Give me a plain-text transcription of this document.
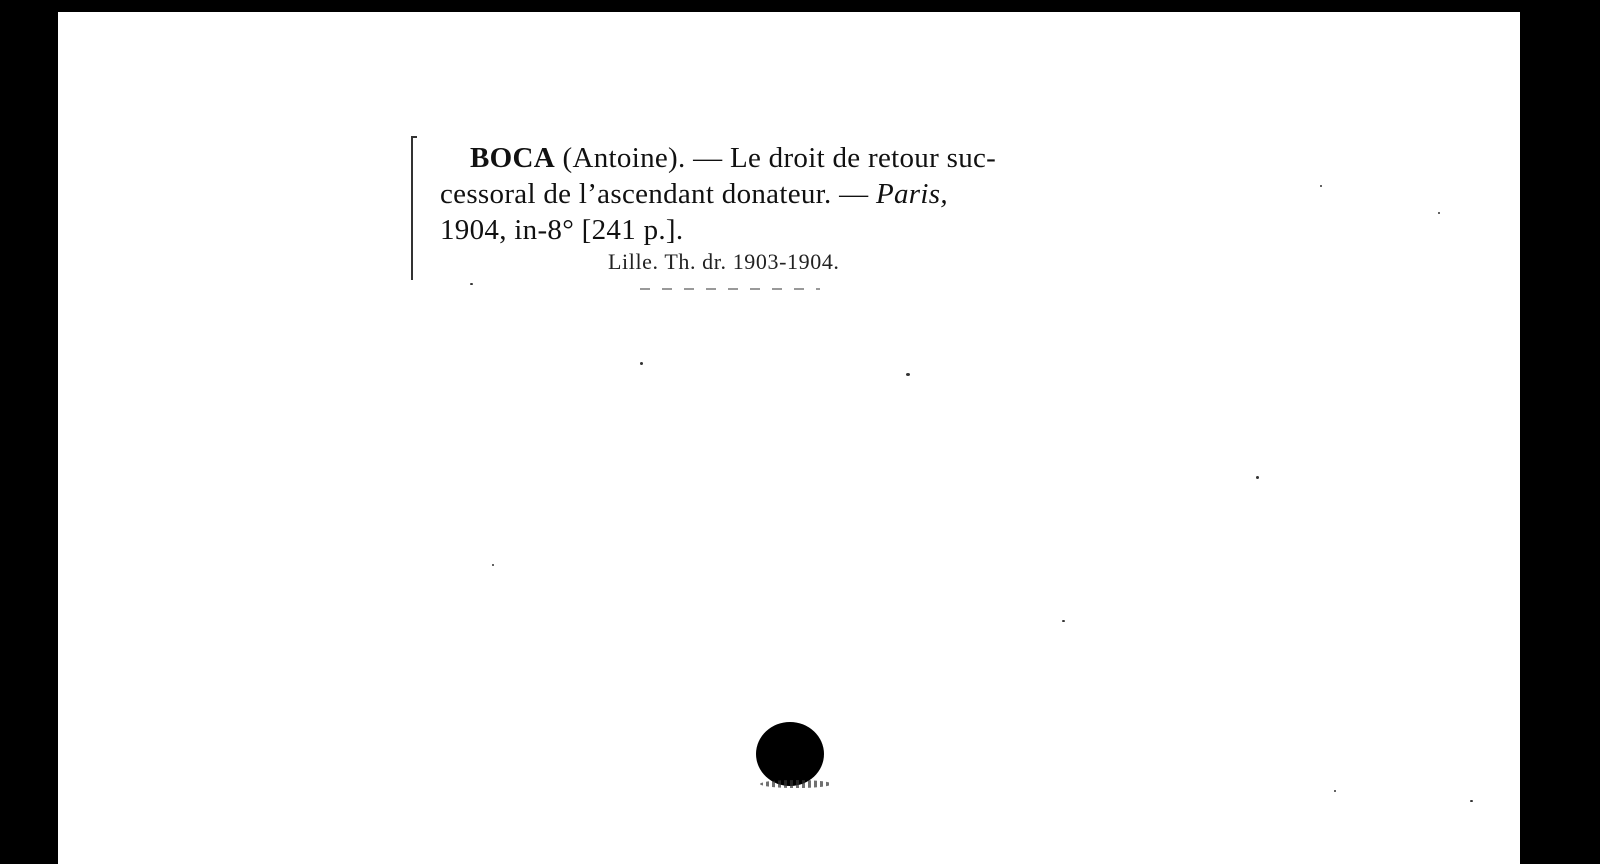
BOCA (Antoine). — Le droit de retour suc-
cessoral de l’ascendant donateur. — Paris,
1904, in-8° [241 p.].
Lille. Th. dr. 1903-1904.
